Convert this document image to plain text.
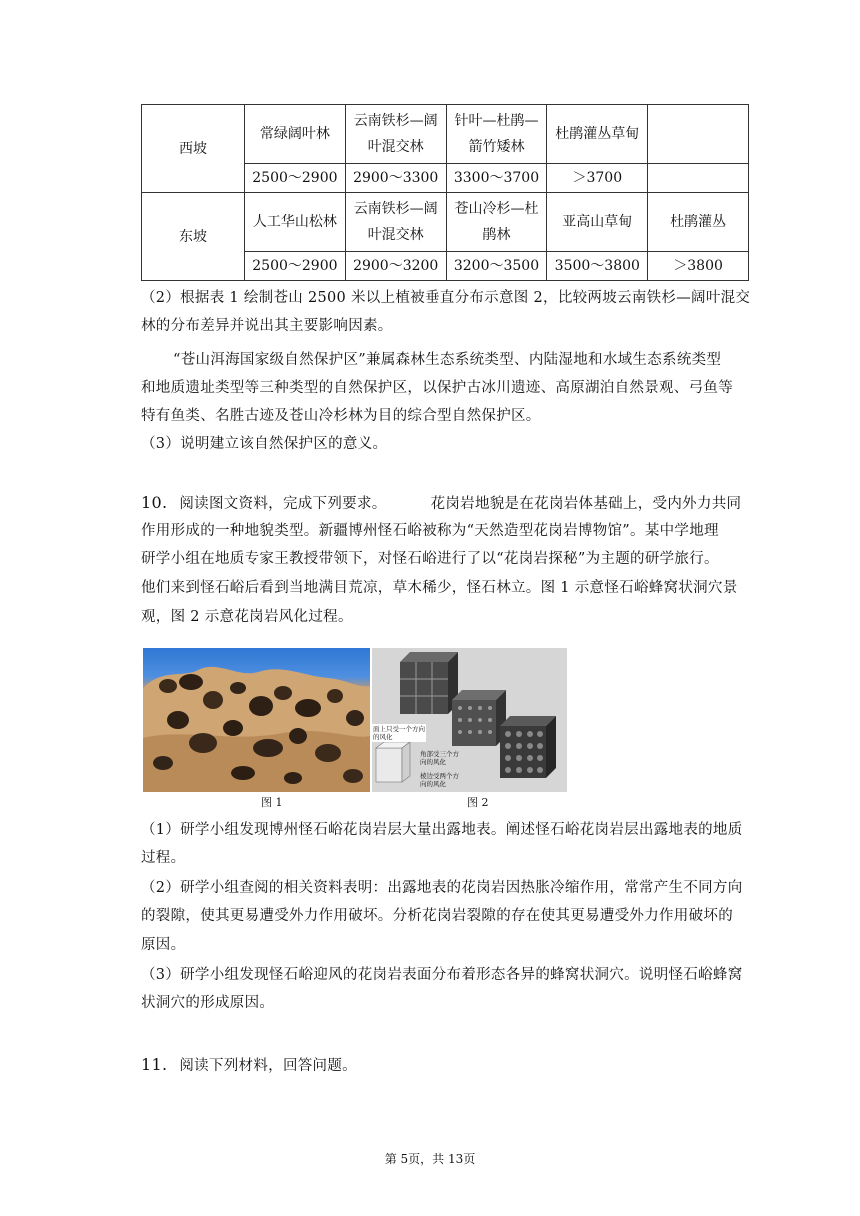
西坡	常绿阔叶林	云南铁杉—阔叶混交林	针叶—杜鹃—箭竹矮林	杜鹃灌丛草甸	
	2500～2900	2900～3300	3300～3700	＞3700	
东坡	人工华山松林	云南铁杉—阔叶混交林	苍山冷杉—杜鹃林	亚高山草甸	杜鹃灌丛
	2500～2900	2900～3200	3200～3500	3500～3800	＞3800
（2）根据表 1 绘制苍山 2500 米以上植被垂直分布示意图 2，比较两坡云南铁杉—阔叶混交
林的分布差异并说出其主要影响因素。
“苍山洱海国家级自然保护区”兼属森林生态系统类型、内陆湿地和水域生态系统类型
和地质遗址类型等三种类型的自然保护区，以保护古冰川遗迹、高原湖泊自然景观、弓鱼等
特有鱼类、名胜古迹及苍山冷杉林为目的综合型自然保护区。
（3）说明建立该自然保护区的意义。
10. 阅读图文资料，完成下列要求。	花岗岩地貌是在花岗岩体基础上，受内外力共同
作用形成的一种地貌类型。新疆博州怪石峪被称为“天然造型花岗岩博物馆”。某中学地理
研学小组在地质专家王教授带领下，对怪石峪进行了以“花岗岩探秘”为主题的研学旅行。
他们来到怪石峪后看到当地满目荒凉，草木稀少，怪石林立。图 1 示意怪石峪蜂窝状洞穴景
观，图 2 示意花岗岩风化过程。
面上只受一个方向的风化
角部受三个方向的风化
棱边受两个方向的风化
图 1	图 2
（1）研学小组发现博州怪石峪花岗岩层大量出露地表。阐述怪石峪花岗岩层出露地表的地质
过程。
（2）研学小组查阅的相关资料表明：出露地表的花岗岩因热胀冷缩作用，常常产生不同方向
的裂隙，使其更易遭受外力作用破坏。分析花岗岩裂隙的存在使其更易遭受外力作用破坏的
原因。
（3）研学小组发现怪石峪迎风的花岗岩表面分布着形态各异的蜂窝状洞穴。说明怪石峪蜂窝
状洞穴的形成原因。
11. 阅读下列材料，回答问题。
第 5页，共 13页
